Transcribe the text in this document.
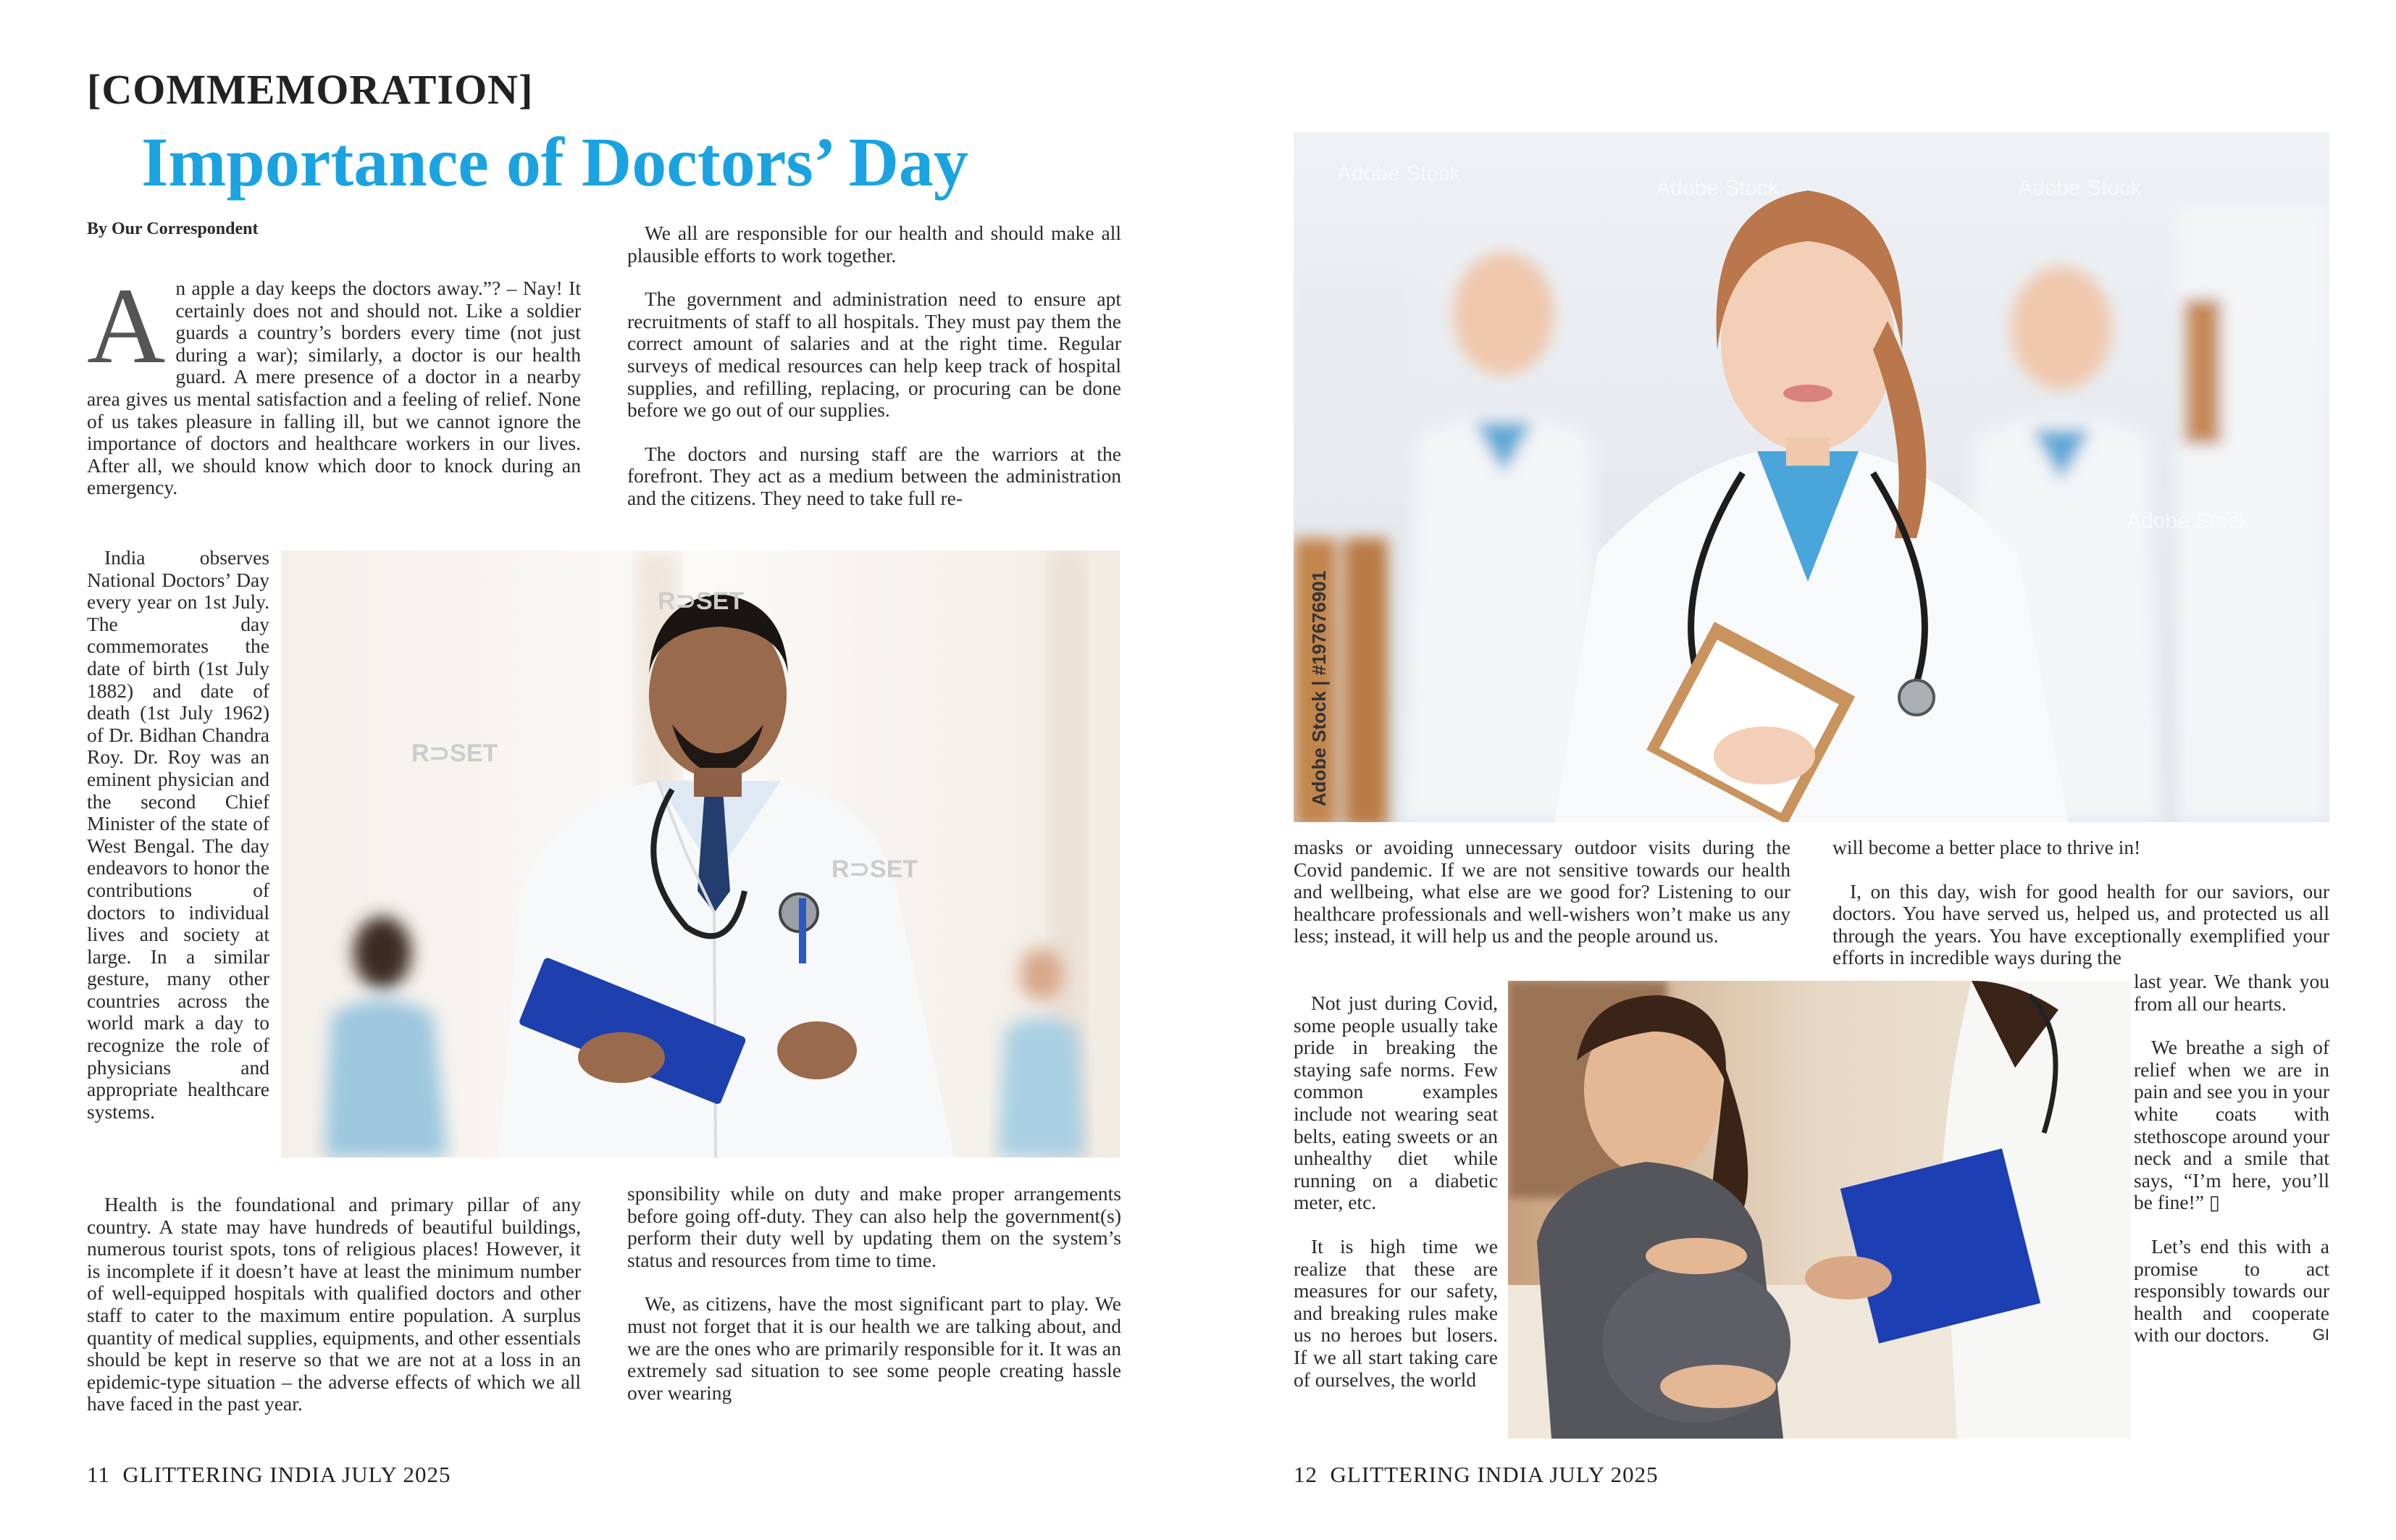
[COMMEMORATION]
Importance of Doctors’ Day
By Our Correspondent
An apple a day keeps the doctors away.”? – Nay! It certainly does not and should not. Like a soldier guards a country’s borders every time (not just during a war); similarly, a doctor is our health guard. A mere presence of a doctor in a nearby area gives us mental satisfaction and a feeling of relief. None of us takes pleasure in falling ill, but we cannot ignore the importance of doctors and healthcare workers in our lives. After all, we should know which door to knock during an emergency.

India observes National Doctors’ Day every year on 1st July. The day commemorates the date of birth (1st July 1882) and date of death (1st July 1962) of Dr. Bidhan Chandra Roy. Dr. Roy was an eminent physician and the second Chief Minister of the state of West Bengal. The day endeavors to honor the contributions of doctors to individual lives and society at large. In a similar gesture, many other countries across the world mark a day to recognize the role of physicians and appropriate healthcare systems.

R⊃SET
R⊃SET
R⊃SET

Health is the foundational and primary pillar of any country. A state may have hundreds of beautiful buildings, numerous tourist spots, tons of religious places! However, it is incomplete if it doesn’t have at least the minimum number of well-equipped hospitals with qualified doctors and other staff to cater to the maximum entire population. A surplus quantity of medical supplies, equipments, and other essentials should be kept in reserve so that we are not at a loss in an epidemic-type situation – the adverse effects of which we all have faced in the past year.

We all are responsible for our health and should make all plausible efforts to work together.

The government and administration need to ensure apt recruitments of staff to all hospitals. They must pay them the correct amount of salaries and at the right time. Regular surveys of medical resources can help keep track of hospital supplies, and refilling, replacing, or procuring can be done before we go out of our supplies.

The doctors and nursing staff are the warriors at the forefront. They act as a medium between the administration and the citizens. They need to take full re-

sponsibility while on duty and make proper arrangements before going off-duty. They can also help the government(s) perform their duty well by updating them on the system’s status and resources from time to time.

We, as citizens, have the most significant part to play. We must not forget that it is our health we are talking about, and we are the ones who are primarily responsible for it. It was an extremely sad situation to see some people creating hassle over wearing

11 GLITTERING INDIA JULY 2025
Adobe Stock | #197676901
Adobe Stock
Adobe Stock	Adobe Stock
Adobe Stock

masks or avoiding unnecessary outdoor visits during the Covid pandemic. If we are not sensitive towards our health and wellbeing, what else are we good for? Listening to our healthcare professionals and well-wishers won’t make us any less; instead, it will help us and the people around us.

Not just during Covid, some people usually take pride in breaking the staying safe norms. Few common examples include not wearing seat belts, eating sweets or an unhealthy diet while running on a diabetic meter, etc.

It is high time we realize that these are measures for our safety, and breaking rules make us no heroes but losers. If we all start taking care of ourselves, the world

will become a better place to thrive in!

I, on this day, wish for good health for our saviors, our doctors. You have served us, helped us, and protected us all through the years. You have exceptionally exemplified your efforts in incredible ways during the

last year. We thank you from all our hearts.

We breathe a sigh of relief when we are in pain and see you in your white coats with stethoscope around your neck and a smile that says, “I’m here, you’ll be fine!” ▯

Let’s end this with a promise to act responsibly towards our health and cooperate with our doctors.	GI

12 GLITTERING INDIA JULY 2025
